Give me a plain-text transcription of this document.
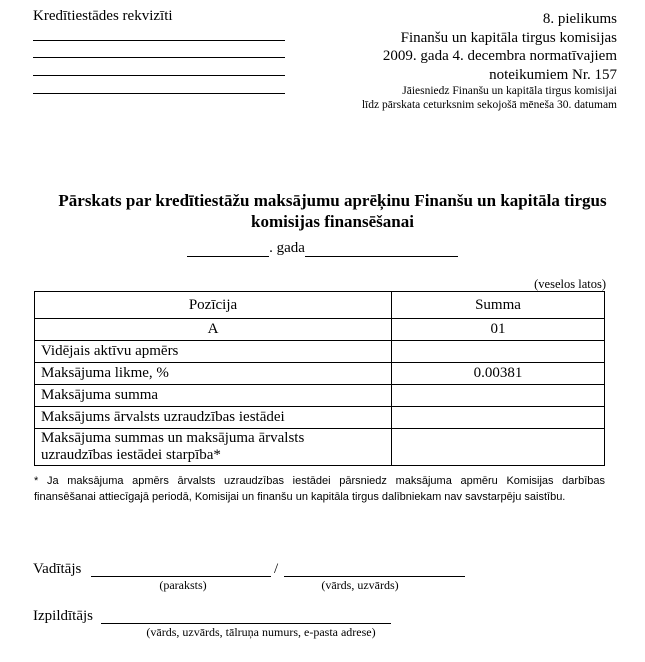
Kredītiestādes rekvizīti	8. pielikums
Finanšu un kapitāla tirgus komisijas
2009. gada 4. decembra normatīvajiem
noteikumiem Nr. 157
Jāiesniedz Finanšu un kapitāla tirgus komisijai
līdz pārskata ceturksnim sekojošā mēneša 30. datumam
Pārskats par kredītiestāžu maksājumu aprēķinu Finanšu un kapitāla tirgus
komisijas finansēšanai
. gada
(veselos latos)
Pozīcija	Summa
A	01
Vidējais aktīvu apmērs	
Maksājuma likme, %	0.00381
Maksājuma summa	
Maksājums ārvalsts uzraudzības iestādei	

Maksājuma summas un maksājuma ārvalsts
uzraudzības iestādei starpība*	

* Ja maksājuma apmērs ārvalsts uzraudzības iestādei pārsniedz maksājuma apmēru Komisijas darbības finansēšanai attiecīgajā periodā, Komisijai un finanšu un kapitāla tirgus dalībniekam nav savstarpēju saistību.
Vadītājs	/
(paraksts)	(vārds, uzvārds)
Izpildītājs
(vārds, uzvārds, tālruņa numurs, e-pasta adrese)
